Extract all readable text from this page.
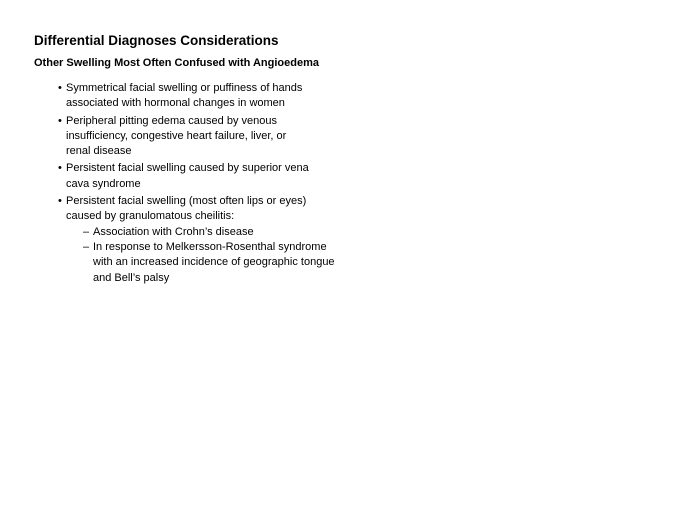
Differential Diagnoses Considerations
Other Swelling Most Often Confused with Angioedema
• Symmetrical facial swelling or puffiness of hands
associated with hormonal changes in women
• Peripheral pitting edema caused by venous
insufficiency, congestive heart failure, liver, or
renal disease
• Persistent facial swelling caused by superior vena
cava syndrome
• Persistent facial swelling (most often lips or eyes)
caused by granulomatous cheilitis:
– Association with Crohn’s disease
– In response to Melkersson-Rosenthal syndrome
with an increased incidence of geographic tongue
and Bell’s palsy
